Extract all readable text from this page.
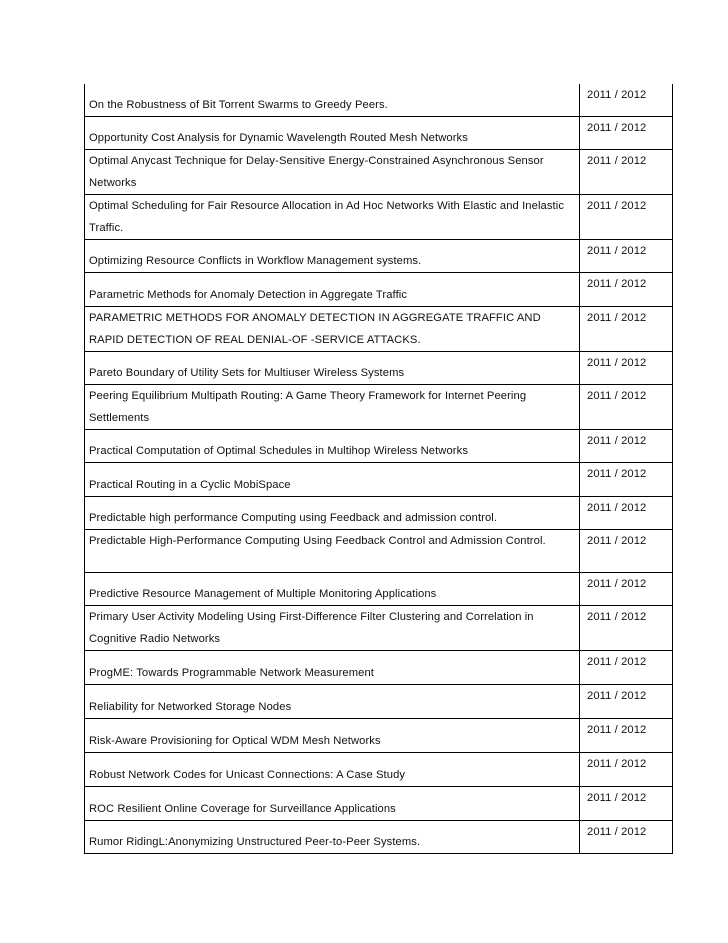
On the Robustness of Bit Torrent Swarms to Greedy Peers.	2011 / 2012
Opportunity Cost Analysis for Dynamic Wavelength Routed Mesh Networks	2011 / 2012
Optimal Anycast Technique for Delay-Sensitive Energy-Constrained Asynchronous Sensor Networks	2011 / 2012
Optimal Scheduling for Fair Resource Allocation in Ad Hoc Networks With Elastic and Inelastic Traffic.	2011 / 2012
Optimizing Resource Conflicts in Workflow Management systems.	2011 / 2012
Parametric Methods for Anomaly Detection in Aggregate Traffic	2011 / 2012
PARAMETRIC METHODS FOR ANOMALY DETECTION IN AGGREGATE TRAFFIC AND RAPID DETECTION OF REAL DENIAL-OF -SERVICE ATTACKS.	2011 / 2012
Pareto Boundary of Utility Sets for Multiuser Wireless Systems	2011 / 2012
Peering Equilibrium Multipath Routing: A Game Theory Framework for Internet Peering Settlements	2011 / 2012
Practical Computation of Optimal Schedules in Multihop Wireless Networks	2011 / 2012
Practical Routing in a Cyclic MobiSpace	2011 / 2012
Predictable high performance Computing using Feedback and admission control.	2011 / 2012
Predictable High-Performance Computing Using Feedback Control and Admission Control.	2011 / 2012
Predictive Resource Management of Multiple Monitoring Applications	2011 / 2012
Primary User Activity Modeling Using First-Difference Filter Clustering and Correlation in Cognitive Radio Networks	2011 / 2012
ProgME: Towards Programmable Network Measurement	2011 / 2012
Reliability for Networked Storage Nodes	2011 / 2012
Risk-Aware Provisioning for Optical WDM Mesh Networks	2011 / 2012
Robust Network Codes for Unicast Connections: A Case Study	2011 / 2012
ROC Resilient Online Coverage for Surveillance Applications	2011 / 2012
Rumor RidingL:Anonymizing Unstructured Peer-to-Peer Systems.	2011 / 2012
